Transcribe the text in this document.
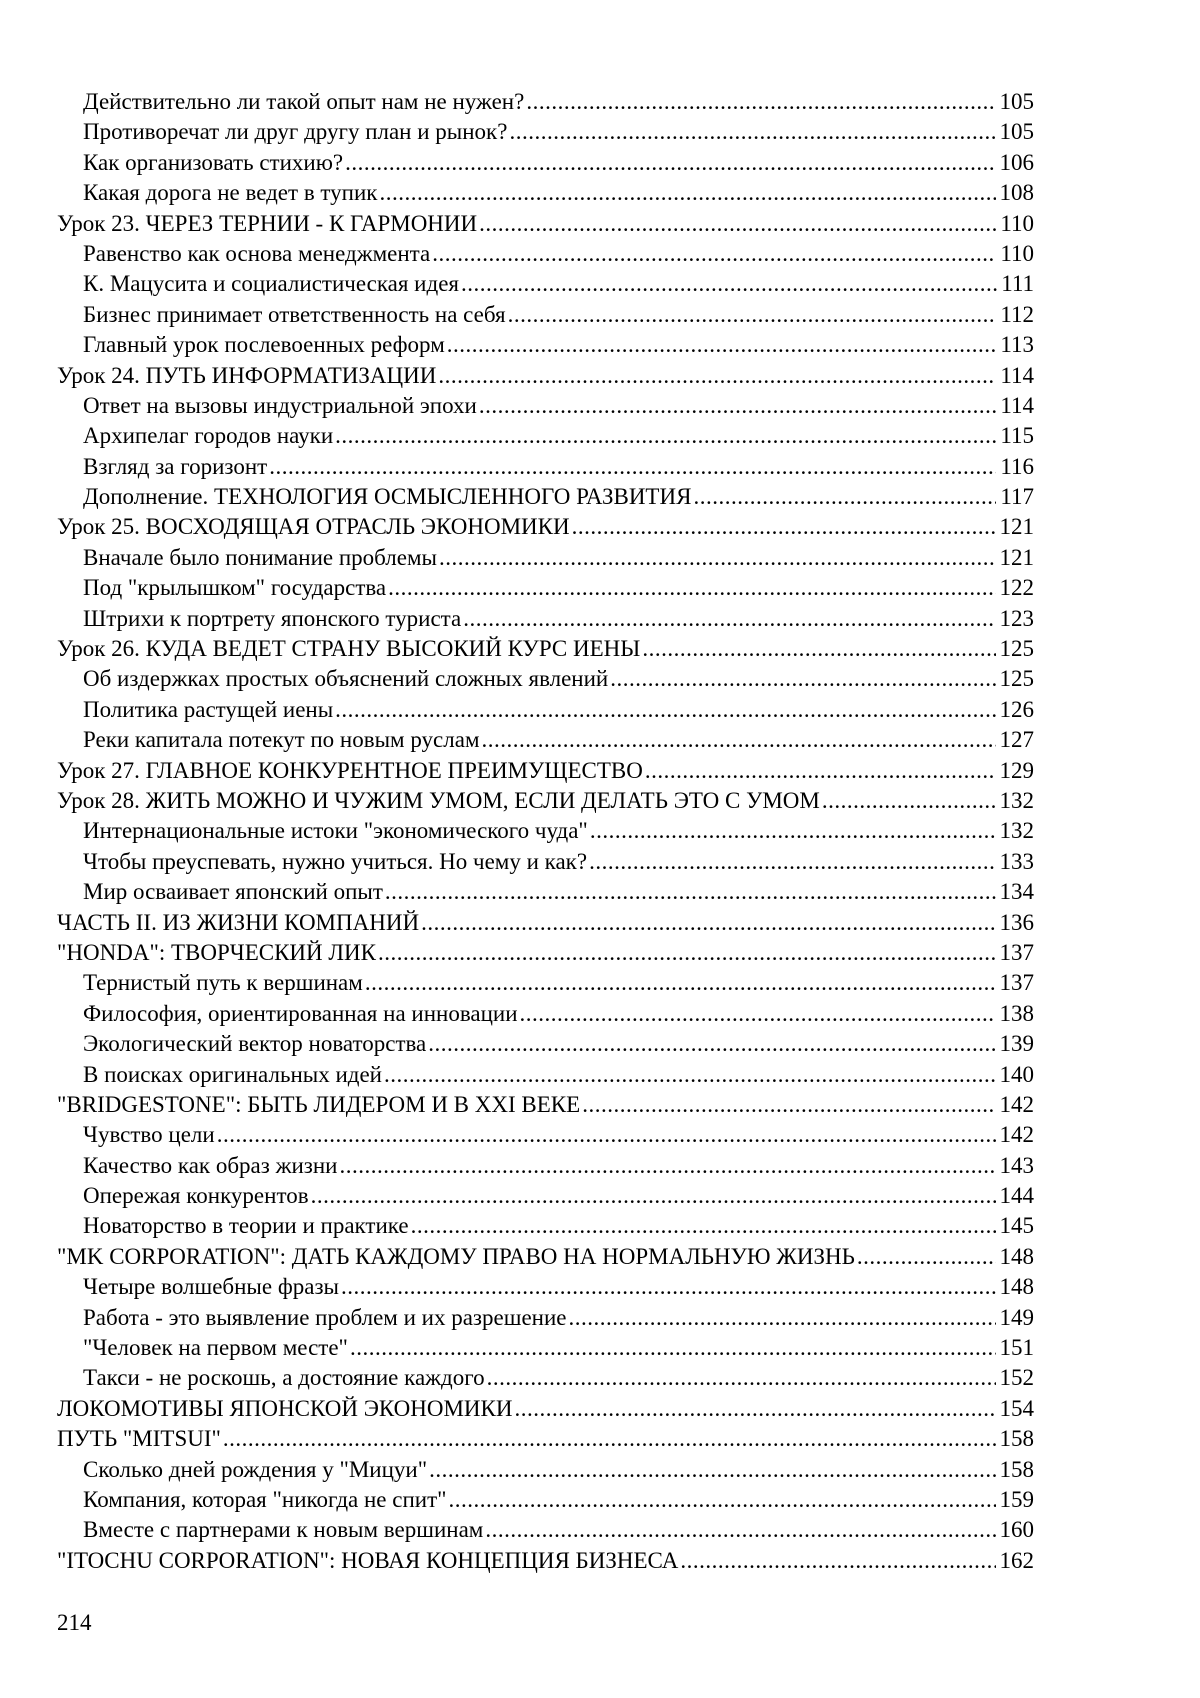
Действительно ли такой опыт нам не нужен? .....	105
Противоречат ли друг другу план и рынок? .....	105
Как организовать стихию? .....	106
Какая дорога не ведет в тупик .....	108
Урок 23. ЧЕРЕЗ ТЕРНИИ - К ГАРМОНИИ .....	110
Равенство как основа менеджмента .....	110
К. Мацусита и социалистическая идея .....	111
Бизнес принимает ответственность на себя .....	112
Главный урок послевоенных реформ .....	113
Урок 24. ПУТЬ ИНФОРМАТИЗАЦИИ .....	114
Ответ на вызовы индустриальной эпохи .....	114
Архипелаг городов науки .....	115
Взгляд за горизонт .....	116
Дополнение. ТЕХНОЛОГИЯ ОСМЫСЛЕННОГО РАЗВИТИЯ .....	117
Урок 25. ВОСХОДЯЩАЯ ОТРАСЛЬ ЭКОНОМИКИ .....	121
Вначале было понимание проблемы .....	121
Под "крылышком" государства .....	122
Штрихи к портрету японского туриста .....	123
Урок 26. КУДА ВЕДЕТ СТРАНУ ВЫСОКИЙ КУРС ИЕНЫ .....	125
Об издержках простых объяснений сложных явлений .....	125
Политика растущей иены .....	126
Реки капитала потекут по новым руслам .....	127
Урок 27. ГЛАВНОЕ КОНКУРЕНТНОЕ ПРЕИМУЩЕСТВО .....	129
Урок 28. ЖИТЬ МОЖНО И ЧУЖИМ УМОМ, ЕСЛИ ДЕЛАТЬ ЭТО С УМОМ .....	132
Интернациональные истоки "экономического чуда" .....	132
Чтобы преуспевать, нужно учиться. Но чему и как? .....	133
Мир осваивает японский опыт .....	134
ЧАСТЬ II. ИЗ ЖИЗНИ КОМПАНИЙ .....	136
"HONDA": ТВОРЧЕСКИЙ ЛИК .....	137
Тернистый путь к вершинам .....	137
Философия, ориентированная на инновации .....	138
Экологический вектор новаторства .....	139
В поисках оригинальных идей .....	140
"BRIDGESTONE": БЫТЬ ЛИДЕРОМ И В XXI ВЕКЕ .....	142
Чувство цели .....	142
Качество как образ жизни .....	143
Опережая конкурентов .....	144
Новаторство в теории и практике .....	145
"MK CORPORATION": ДАТЬ КАЖДОМУ ПРАВО НА НОРМАЛЬНУЮ ЖИЗНЬ .....	148
Четыре волшебные фразы .....	148
Работа - это выявление проблем и их разрешение .....	149
"Человек на первом месте" .....	151
Такси - не роскошь, а достояние каждого .....	152
ЛОКОМОТИВЫ ЯПОНСКОЙ ЭКОНОМИКИ .....	154
ПУТЬ "MITSUI" .....	158
Сколько дней рождения у "Мицуи" .....	158
Компания, которая "никогда не спит" .....	159
Вместе с партнерами к новым вершинам .....	160
"ITOCHU CORPORATION": НОВАЯ КОНЦЕПЦИЯ БИЗНЕСА .....	162
214
